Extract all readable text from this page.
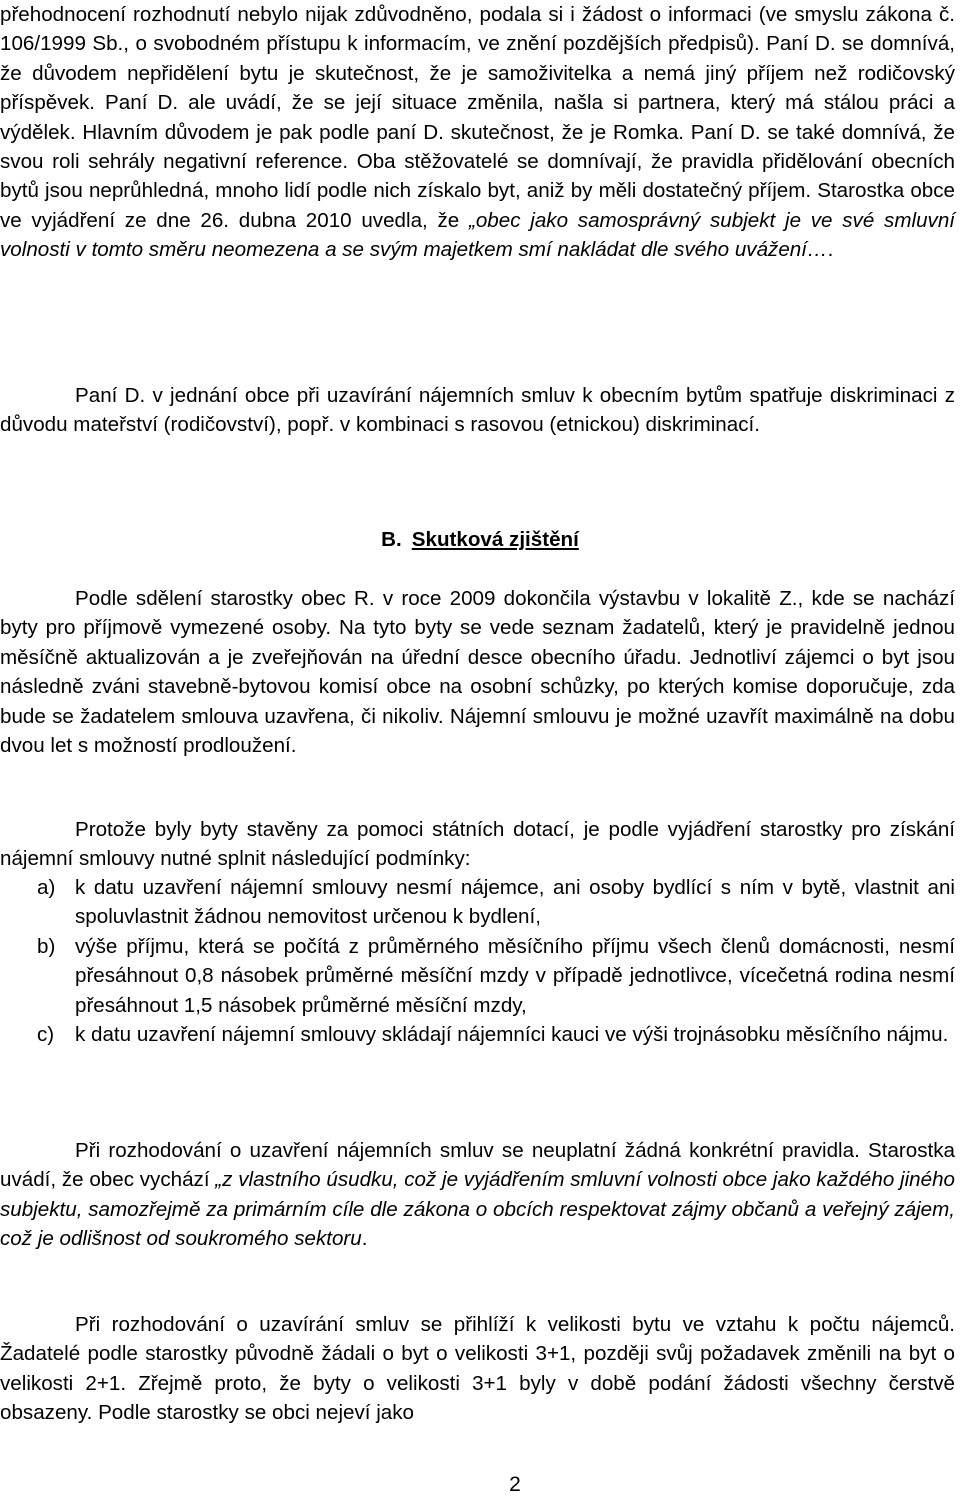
přehodnocení rozhodnutí nebylo nijak zdůvodněno, podala si i žádost o informaci (ve smyslu zákona č. 106/1999 Sb., o svobodném přístupu k informacím, ve znění pozdějších předpisů). Paní D. se domnívá, že důvodem nepřidělení bytu je skutečnost, že je samoživitelka a nemá jiný příjem než rodičovský příspěvek. Paní D. ale uvádí, že se její situace změnila, našla si partnera, který má stálou práci a výdělek. Hlavním důvodem je pak podle paní D. skutečnost, že je Romka. Paní D. se také domnívá, že svou roli sehrály negativní reference. Oba stěžovatelé se domnívají, že pravidla přidělování obecních bytů jsou neprůhledná, mnoho lidí podle nich získalo byt, aniž by měli dostatečný příjem. Starostka obce ve vyjádření ze dne 26. dubna 2010 uvedla, že „obec jako samosprávný subjekt je ve své smluvní volnosti v tomto směru neomezena a se svým majetkem smí nakládat dle svého uvážení….

Paní D. v jednání obce při uzavírání nájemních smluv k obecním bytům spatřuje diskriminaci z důvodu mateřství (rodičovství), popř. v kombinaci s rasovou (etnickou) diskriminací.

B. Skutková zjištění

Podle sdělení starostky obec R. v roce 2009 dokončila výstavbu v lokalitě Z., kde se nachází byty pro příjmově vymezené osoby. Na tyto byty se vede seznam žadatelů, který je pravidelně jednou měsíčně aktualizován a je zveřejňován na úřední desce obecního úřadu. Jednotliví zájemci o byt jsou následně zváni stavebně-bytovou komisí obce na osobní schůzky, po kterých komise doporučuje, zda bude se žadatelem smlouva uzavřena, či nikoliv. Nájemní smlouvu je možné uzavřít maximálně na dobu dvou let s možností prodloužení.

Protože byly byty stavěny za pomoci státních dotací, je podle vyjádření starostky pro získání nájemní smlouvy nutné splnit následující podmínky:

a) k datu uzavření nájemní smlouvy nesmí nájemce, ani osoby bydlící s ním v bytě, vlastnit ani spoluvlastnit žádnou nemovitost určenou k bydlení,
b) výše příjmu, která se počítá z průměrného měsíčního příjmu všech členů domácnosti, nesmí přesáhnout 0,8 násobek průměrné měsíční mzdy v případě jednotlivce, vícečetná rodina nesmí přesáhnout 1,5 násobek průměrné měsíční mzdy,
c) k datu uzavření nájemní smlouvy skládají nájemníci kauci ve výši trojnásobku měsíčního nájmu.

Při rozhodování o uzavření nájemních smluv se neuplatní žádná konkrétní pravidla. Starostka uvádí, že obec vychází „z vlastního úsudku, což je vyjádřením smluvní volnosti obce jako každého jiného subjektu, samozřejmě za primárním cíle dle zákona o obcích respektovat zájmy občanů a veřejný zájem, což je odlišnost od soukromého sektoru.

Při rozhodování o uzavírání smluv se přihlíží k velikosti bytu ve vztahu k počtu nájemců. Žadatelé podle starostky původně žádali o byt o velikosti 3+1, později svůj požadavek změnili na byt o velikosti 2+1. Zřejmě proto, že byty o velikosti 3+1 byly v době podání žádosti všechny čerstvě obsazeny. Podle starostky se obci nejeví jako

2
